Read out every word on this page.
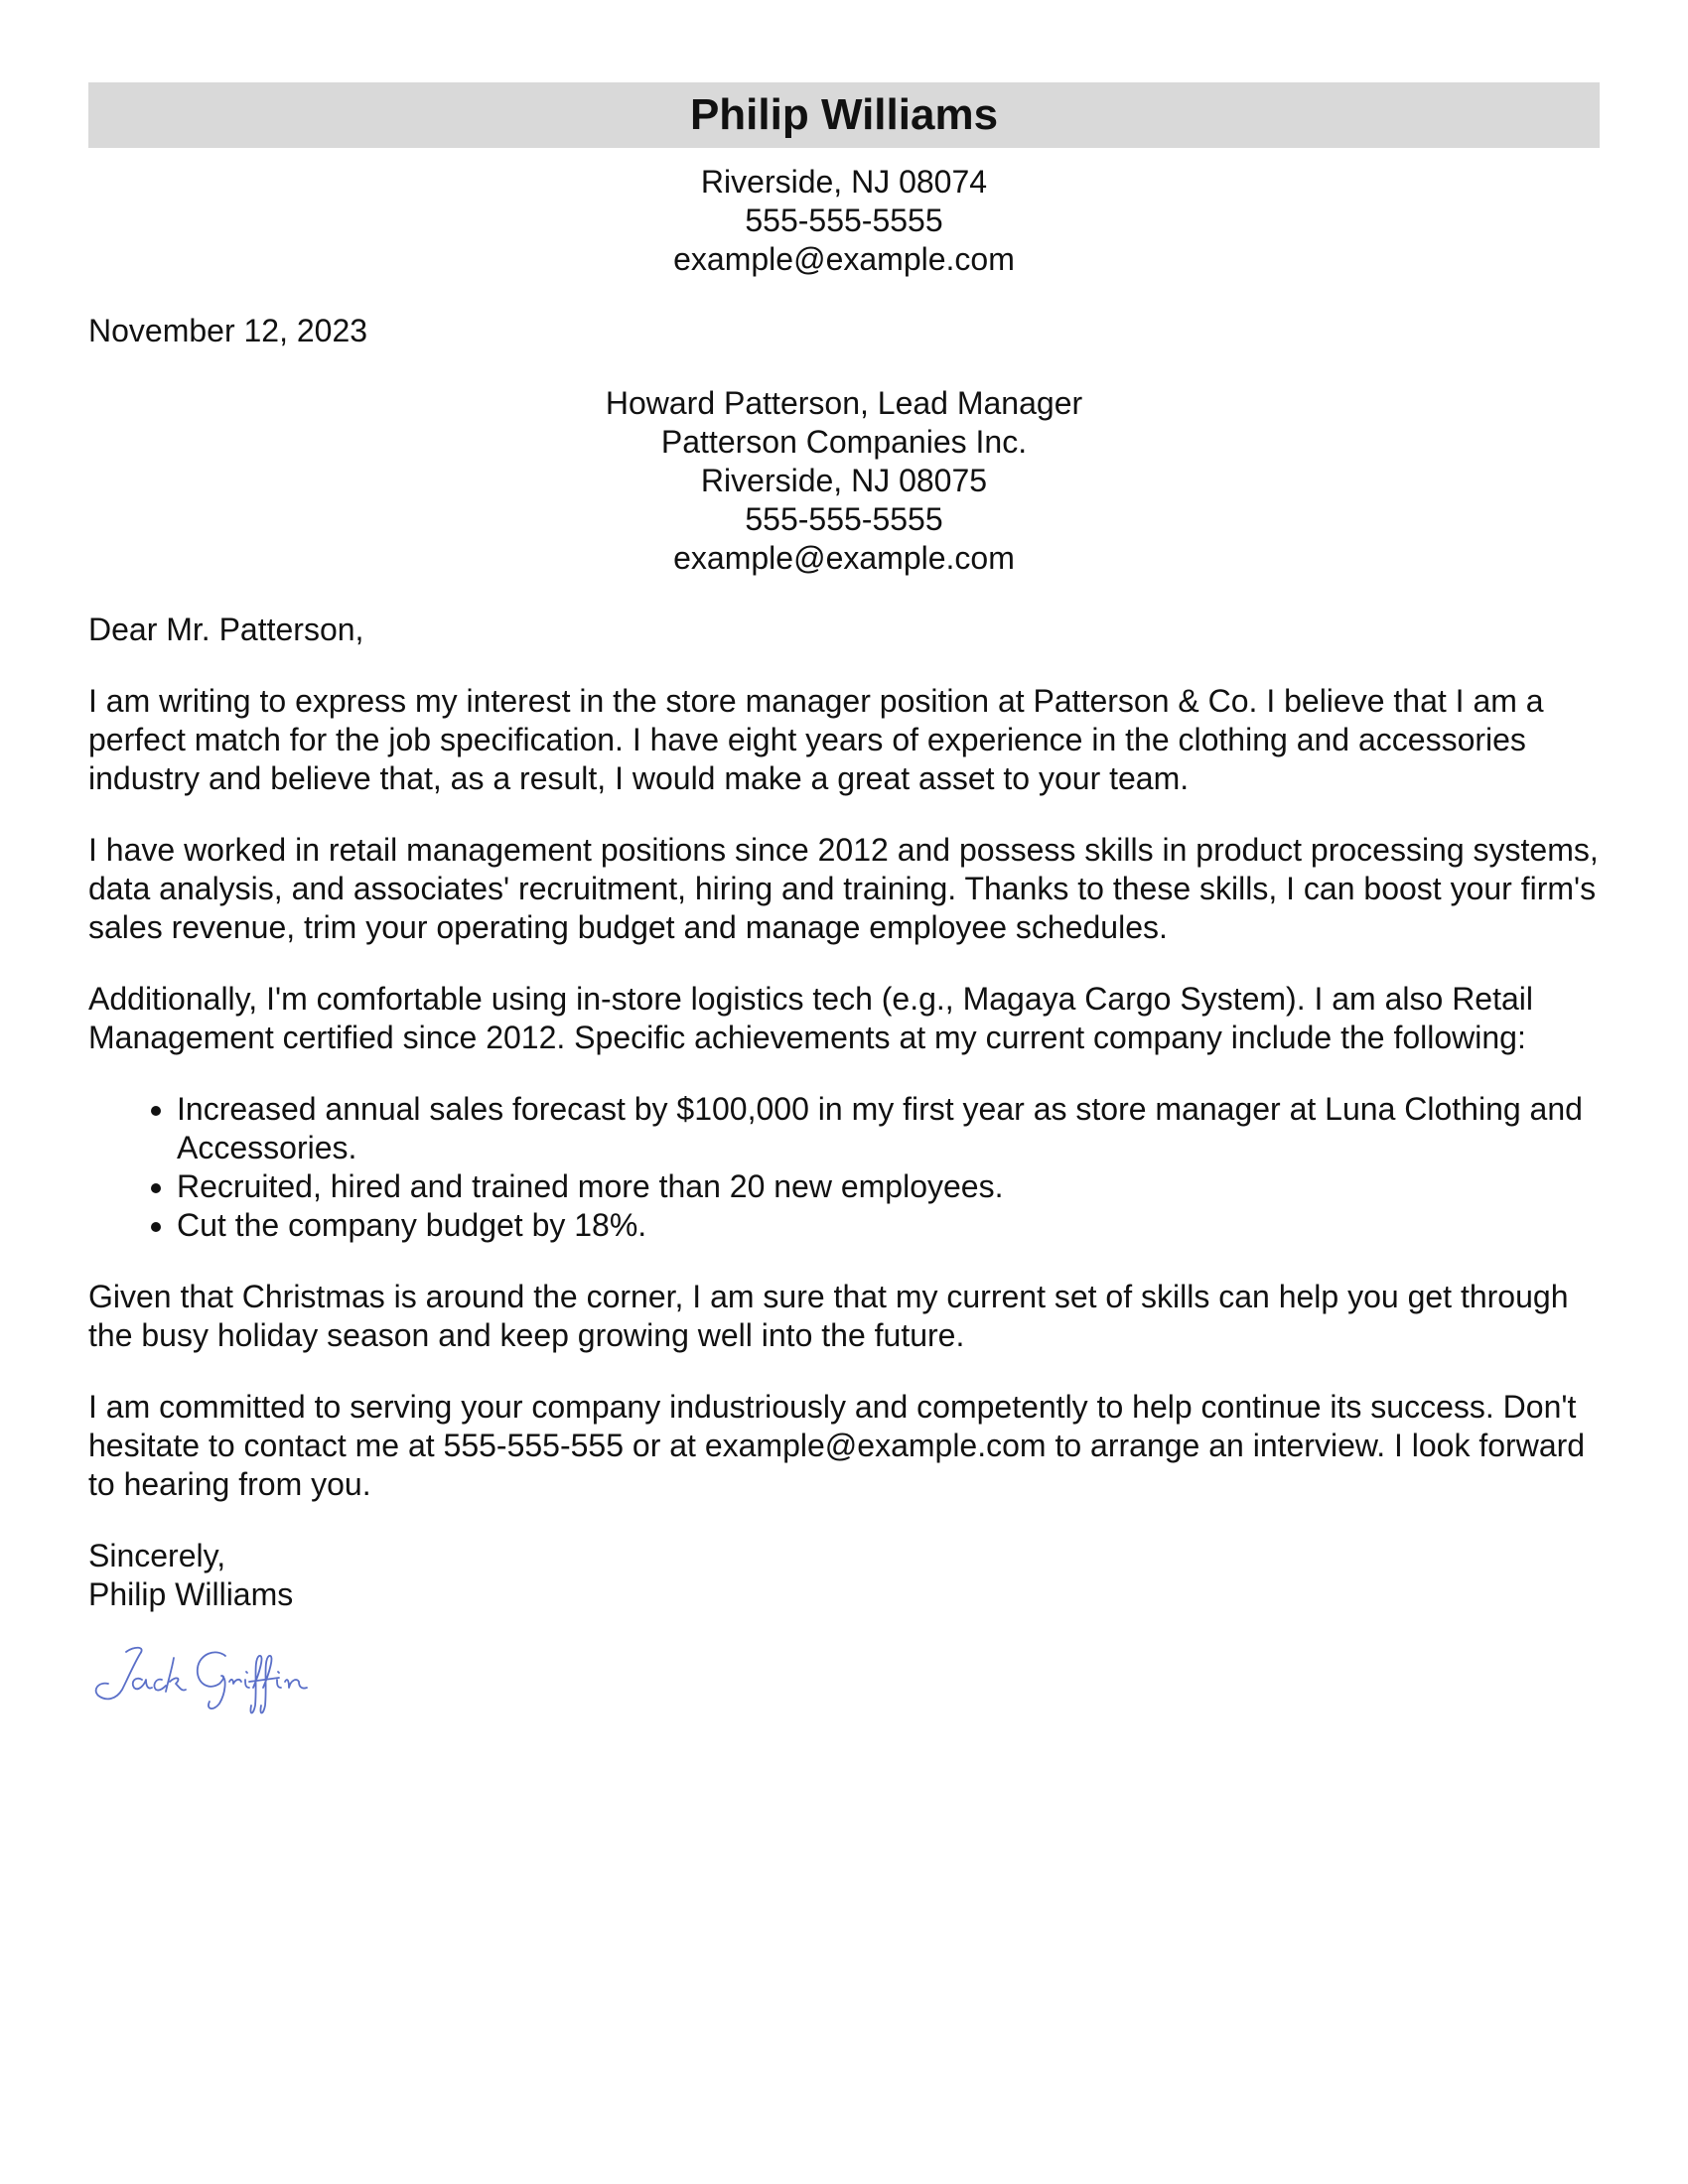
Philip Williams
Riverside, NJ 08074
555-555-5555
example@example.com
November 12, 2023
Howard Patterson, Lead Manager
Patterson Companies Inc.
Riverside, NJ 08075
555-555-5555
example@example.com
Dear Mr. Patterson,

I am writing to express my interest in the store manager position at Patterson & Co. I believe that I am a perfect match for the job specification. I have eight years of experience in the clothing and accessories industry and believe that, as a result, I would make a great asset to your team.

I have worked in retail management positions since 2012 and possess skills in product processing systems, data analysis, and associates' recruitment, hiring and training. Thanks to these skills, I can boost your firm's sales revenue, trim your operating budget and manage employee schedules.

Additionally, I'm comfortable using in-store logistics tech (e.g., Magaya Cargo System). I am also Retail Management certified since 2012. Specific achievements at my current company include the following:

• Increased annual sales forecast by $100,000 in my first year as store manager at Luna Clothing and Accessories.
• Recruited, hired and trained more than 20 new employees.
• Cut the company budget by 18%.

Given that Christmas is around the corner, I am sure that my current set of skills can help you get through the busy holiday season and keep growing well into the future.

I am committed to serving your company industriously and competently to help continue its success. Don't hesitate to contact me at 555-555-555 or at example@example.com to arrange an interview. I look forward to hearing from you.

Sincerely,
Philip Williams
